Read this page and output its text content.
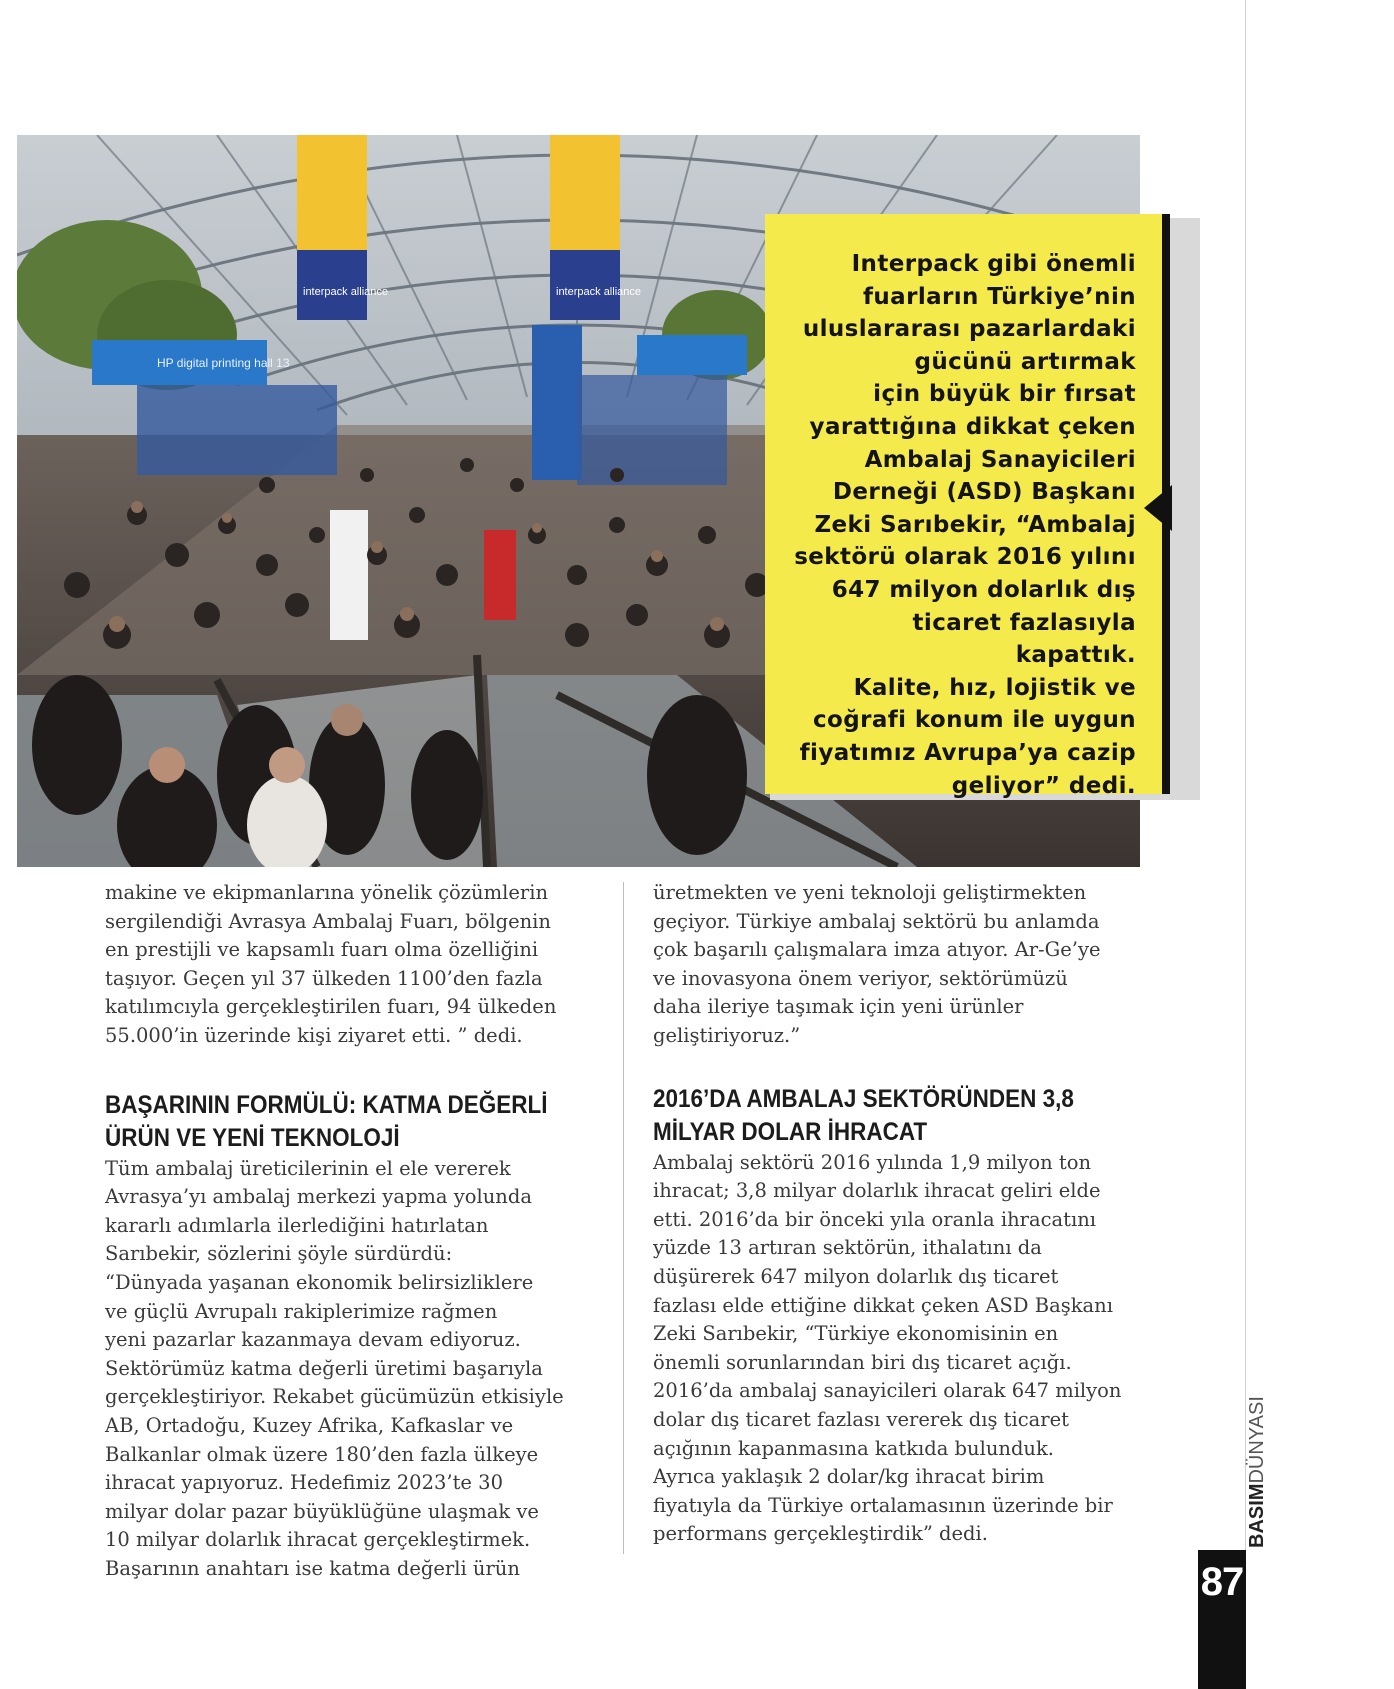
interpack alliance	interpack alliance
HP digital printing hall 13
Interpack gibi önemli
fuarların Türkiye’nin
uluslararası pazarlardaki
gücünü artırmak
için büyük bir fırsat
yarattığına dikkat çeken
Ambalaj Sanayicileri
Derneği (ASD) Başkanı
Zeki Sarıbekir, “Ambalaj
sektörü olarak 2016 yılını
647 milyon dolarlık dış
ticaret fazlasıyla kapattık.
Kalite, hız, lojistik ve
coğrafi konum ile uygun
fiyatımız Avrupa’ya cazip
geliyor” dedi.

makine ve ekipmanlarına yönelik çözümlerin
sergilendiği Avrasya Ambalaj Fuarı, bölgenin
en prestijli ve kapsamlı fuarı olma özelliğini
taşıyor. Geçen yıl 37 ülkeden 1100’den fazla
katılımcıyla gerçekleştirilen fuarı, 94 ülkeden
55.000’in üzerinde kişi ziyaret etti. ” dedi.

BAŞARININ FORMÜLÜ: KATMA DEĞERLİ
ÜRÜN VE YENİ TEKNOLOJİ

Tüm ambalaj üreticilerinin el ele vererek
Avrasya’yı ambalaj merkezi yapma yolunda
kararlı adımlarla ilerlediğini hatırlatan
Sarıbekir, sözlerini şöyle sürdürdü:
“Dünyada yaşanan ekonomik belirsizliklere
ve güçlü Avrupalı rakiplerimize rağmen
yeni pazarlar kazanmaya devam ediyoruz.
Sektörümüz katma değerli üretimi başarıyla
gerçekleştiriyor. Rekabet gücümüzün etkisiyle
AB, Ortadoğu, Kuzey Afrika, Kafkaslar ve
Balkanlar olmak üzere 180’den fazla ülkeye
ihracat yapıyoruz. Hedefimiz 2023’te 30
milyar dolar pazar büyüklüğüne ulaşmak ve
10 milyar dolarlık ihracat gerçekleştirmek.
Başarının anahtarı ise katma değerli ürün

üretmekten ve yeni teknoloji geliştirmekten
geçiyor. Türkiye ambalaj sektörü bu anlamda
çok başarılı çalışmalara imza atıyor. Ar-Ge’ye
ve inovasyona önem veriyor, sektörümüzü
daha ileriye taşımak için yeni ürünler
geliştiriyoruz.”

2016’DA AMBALAJ SEKTÖRÜNDEN 3,8
MİLYAR DOLAR İHRACAT

Ambalaj sektörü 2016 yılında 1,9 milyon ton
ihracat; 3,8 milyar dolarlık ihracat geliri elde
etti. 2016’da bir önceki yıla oranla ihracatını
yüzde 13 artıran sektörün, ithalatını da
düşürerek 647 milyon dolarlık dış ticaret
fazlası elde ettiğine dikkat çeken ASD Başkanı
Zeki Sarıbekir, “Türkiye ekonomisinin en
önemli sorunlarından biri dış ticaret açığı.
2016’da ambalaj sanayicileri olarak 647 milyon
dolar dış ticaret fazlası vererek dış ticaret
açığının kapanmasına katkıda bulunduk.
Ayrıca yaklaşık 2 dolar/kg ihracat birim
fiyatıyla da Türkiye ortalamasının üzerinde bir
performans gerçekleştirdik” dedi.	BASIMDÜNYASI
87
